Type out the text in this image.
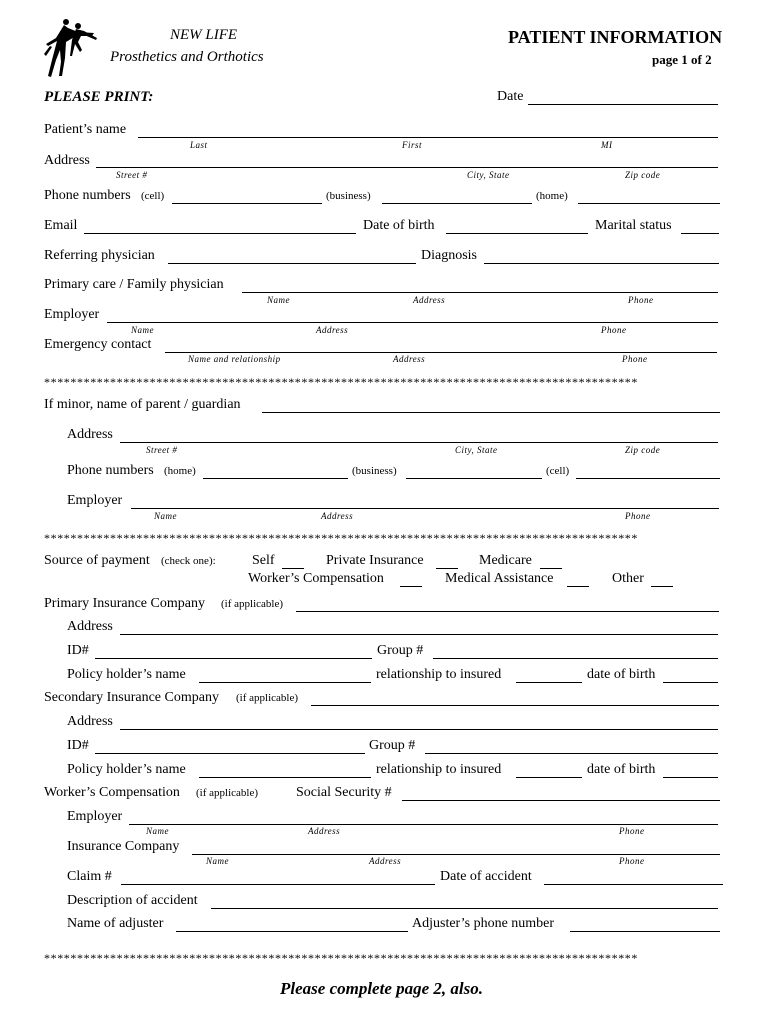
NEW LIFE
Prosthetics and Orthotics
PATIENT INFORMATION
page 1 of 2
PLEASE PRINT:	Date
Patient’s name
Last	First	MI
Address
Street #	City, State	Zip code
Phone numbers (cell)	(business)	(home)
Email	Date of birth	Marital status
Referring physician	Diagnosis
Primary care / Family physician
Name	Address	Phone
Employer
Name	Address	Phone
Emergency contact
Name and relationship	Address	Phone
******************************************************************************************
If minor, name of parent / guardian
Address
Street #	City, State	Zip code
Phone numbers (home)	(business)	(cell)
Employer
Name	Address	Phone
******************************************************************************************
Source of payment (check one):	Self	Private Insurance	Medicare
Worker’s Compensation	Medical Assistance	Other
Primary Insurance Company (if applicable)
Address
ID#	Group #
Policy holder’s name	relationship to insured	date of birth
Secondary Insurance Company (if applicable)
Address
ID#	Group #
Policy holder’s name	relationship to insured	date of birth
Worker’s Compensation (if applicable)	Social Security #
Employer
Name	Address	Phone
Insurance Company
Name	Address	Phone
Claim #	Date of accident
Description of accident
Name of adjuster	Adjuster’s phone number
******************************************************************************************
Please complete page 2, also.
